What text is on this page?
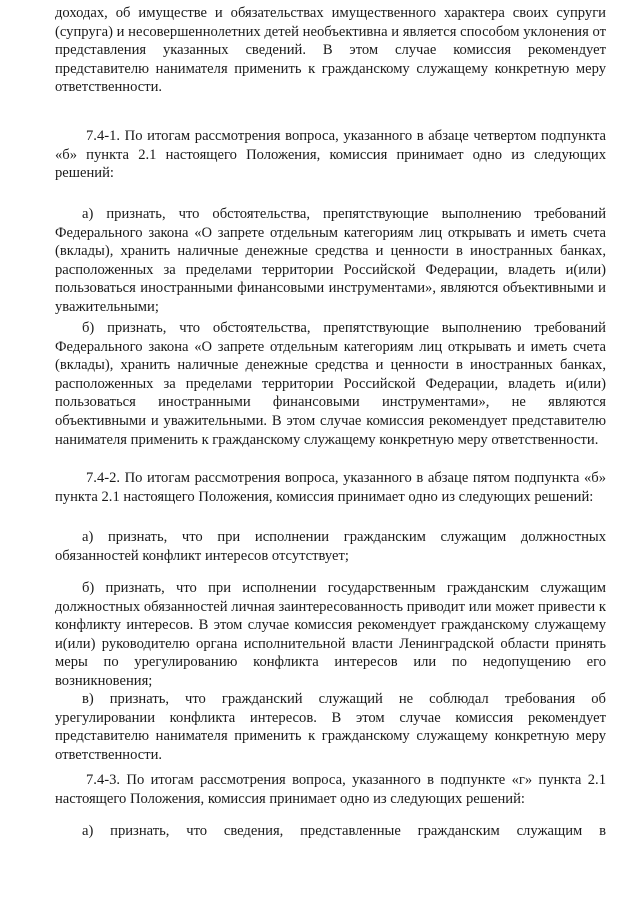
доходах, об имуществе и обязательствах имущественного характера своих супруги (супруга) и несовершеннолетних детей необъективна и является способом уклонения от представления указанных сведений. В этом случае комиссия рекомендует представителю нанимателя применить к гражданскому служащему конкретную меру ответственности.

7.4-1. По итогам рассмотрения вопроса, указанного в абзаце четвертом подпункта «б» пункта 2.1 настоящего Положения, комиссия принимает одно из следующих решений:

а) признать, что обстоятельства, препятствующие выполнению требований Федерального закона «О запрете отдельным категориям лиц открывать и иметь счета (вклады), хранить наличные денежные средства и ценности в иностранных банках, расположенных за пределами территории Российской Федерации, владеть и(или) пользоваться иностранными финансовыми инструментами», являются объективными и уважительными;

б) признать, что обстоятельства, препятствующие выполнению требований Федерального закона «О запрете отдельным категориям лиц открывать и иметь счета (вклады), хранить наличные денежные средства и ценности в иностранных банках, расположенных за пределами территории Российской Федерации, владеть и(или) пользоваться иностранными финансовыми инструментами», не являются объективными и уважительными. В этом случае комиссия рекомендует представителю нанимателя применить к гражданскому служащему конкретную меру ответственности.

7.4-2. По итогам рассмотрения вопроса, указанного в абзаце пятом подпункта «б» пункта 2.1 настоящего Положения, комиссия принимает одно из следующих решений:

а) признать, что при исполнении гражданским служащим должностных обязанностей конфликт интересов отсутствует;

б) признать, что при исполнении государственным гражданским служащим должностных обязанностей личная заинтересованность приводит или может привести к конфликту интересов. В этом случае комиссия рекомендует гражданскому служащему и(или) руководителю органа исполнительной власти Ленинградской области принять меры по урегулированию конфликта интересов или по недопущению его возникновения;

в) признать, что гражданский служащий не соблюдал требования об урегулировании конфликта интересов. В этом случае комиссия рекомендует представителю нанимателя применить к гражданскому служащему конкретную меру ответственности.

7.4-3. По итогам рассмотрения вопроса, указанного в подпункте «г» пункта 2.1 настоящего Положения, комиссия принимает одно из следующих решений:

а) признать, что сведения, представленные гражданским служащим в
